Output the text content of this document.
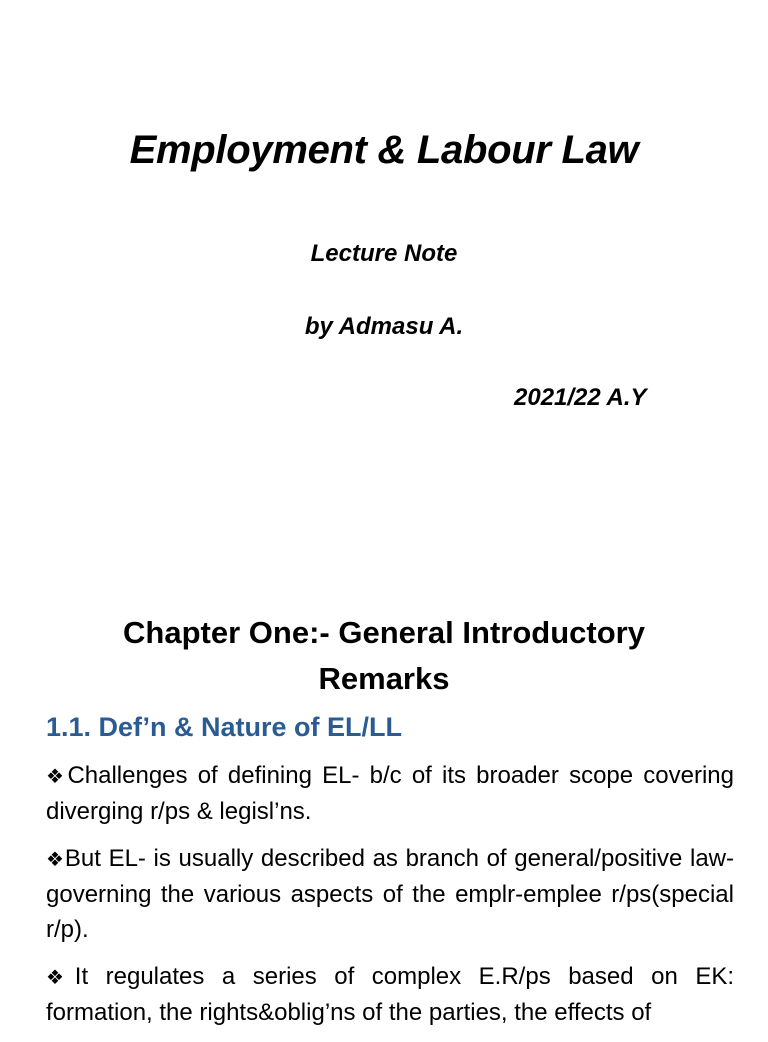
Employment & Labour Law
Lecture Note
by Admasu A.
2021/22 A.Y
Chapter One:- General Introductory Remarks
1.1. Def’n & Nature of EL/LL

❖Challenges of defining EL- b/c of its broader scope covering diverging r/ps & legisl’ns.

❖But EL- is usually described as branch of general/positive law- governing the various aspects of the emplr-emplee r/ps(special r/p).

❖It regulates a series of complex E.R/ps based on EK: formation, the rights&oblig’ns of the parties, the effects of
